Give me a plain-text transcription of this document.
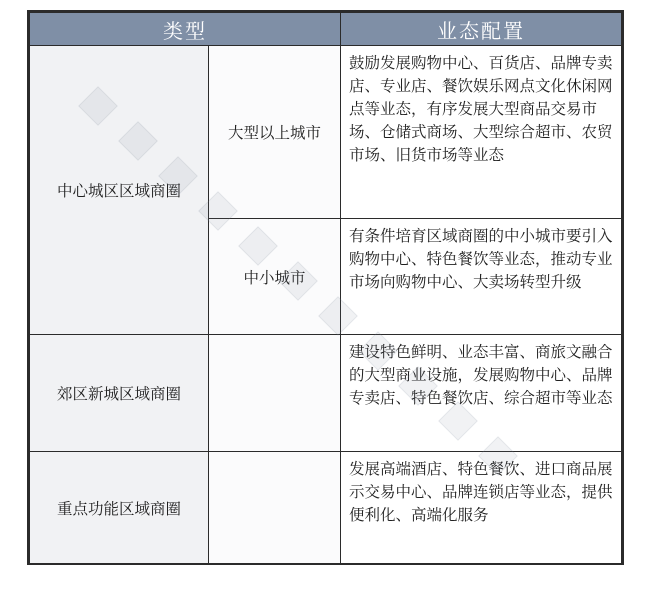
类型		业态配置
中心城区区域商圈	大型以上城市	鼓励发展购物中心、百货店、品牌专卖店、专业店、餐饮娱乐网点文化休闲网点等业态，有序发展大型商品交易市场、仓储式商场、大型综合超市、农贸市场、旧货市场等业态
	中小城市	有条件培育区域商圈的中小城市要引入购物中心、特色餐饮等业态，推动专业市场向购物中心、大卖场转型升级
郊区新城区域商圈		建设特色鲜明、业态丰富、商旅文融合的大型商业设施，发展购物中心、品牌专卖店、特色餐饮店、综合超市等业态
重点功能区域商圈		发展高端酒店、特色餐饮、进口商品展示交易中心、品牌连锁店等业态，提供便利化、高端化服务
